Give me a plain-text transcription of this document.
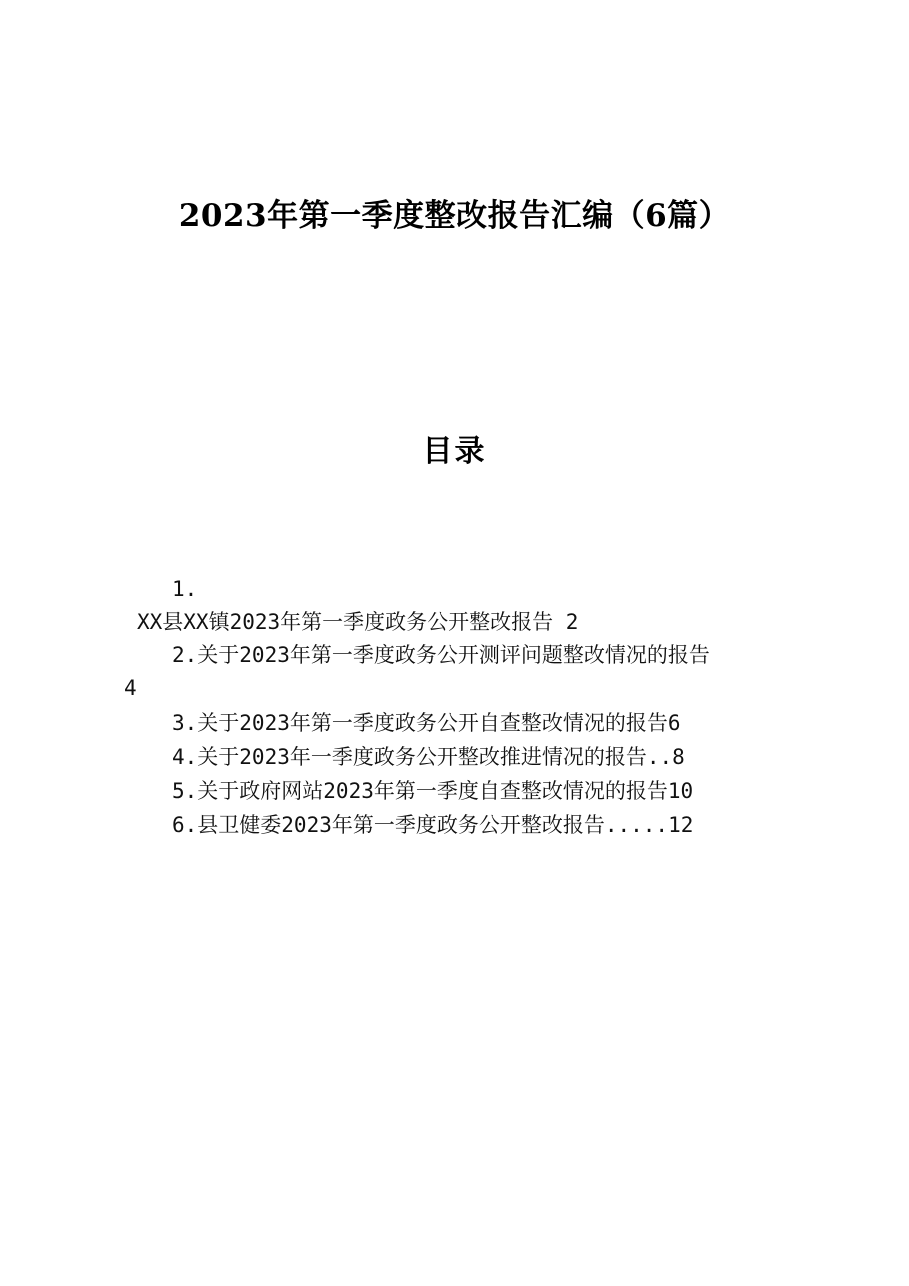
2023年第一季度整改报告汇编（6篇）
目录
1.
XX县XX镇2023年第一季度政务公开整改报告 2
2.关于2023年第一季度政务公开测评问题整改情况的报告
4
3.关于2023年第一季度政务公开自查整改情况的报告6
4.关于2023年一季度政务公开整改推进情况的报告..8
5.关于政府网站2023年第一季度自查整改情况的报告10
6.县卫健委2023年第一季度政务公开整改报告.....12
